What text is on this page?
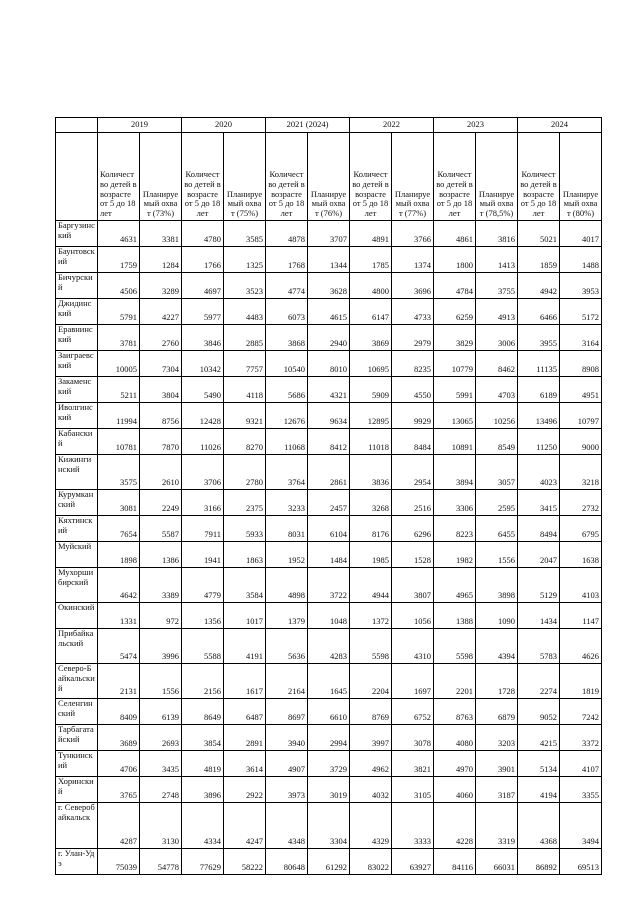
	2019		2020		2021 (2024)		2022		2023		2024	
	Количество детей в возрасте от 5 до 18 лет	Планируемый охват (73%)	Количество детей в возрасте от 5 до 18 лет	Планируемый охват (75%)	Количество детей в возрасте от 5 до 18 лет	Планируемый охват (76%)	Количество детей в возрасте от 5 до 18 лет	Планируемый охват (77%)	Количество детей в возрасте от 5 до 18 лет	Планируемый охват (78,5%)	Количество детей в возрасте от 5 до 18 лет	Планируемый охват (80%)
Баргузинский	4631	3381	4780	3585	4878	3707	4891	3766	4861	3816	5021	4017
Баунтовский	1759	1284	1766	1325	1768	1344	1785	1374	1800	1413	1859	1488
Бичурский	4506	3289	4697	3523	4774	3628	4800	3696	4784	3755	4942	3953
Джидинский	5791	4227	5977	4483	6073	4615	6147	4733	6259	4913	6466	5172
Еравнинский	3781	2760	3846	2885	3868	2940	3869	2979	3829	3006	3955	3164
Заиграевский	10005	7304	10342	7757	10540	8010	10695	8235	10779	8462	11135	8908
Закаменский	5211	3804	5490	4118	5686	4321	5909	4550	5991	4703	6189	4951
Иволгинский	11994	8756	12428	9321	12676	9634	12895	9929	13065	10256	13496	10797
Кабанский	10781	7870	11026	8270	11068	8412	11018	8484	10891	8549	11250	9000
Кижингинский	3575	2610	3706	2780	3764	2861	3836	2954	3894	3057	4023	3218
Курумканский	3081	2249	3166	2375	3233	2457	3268	2516	3306	2595	3415	2732
Кяхтинский	7654	5587	7911	5933	8031	6104	8176	6296	8223	6455	8494	6795
Муйский	1898	1386	1941	1863	1952	1484	1985	1528	1982	1556	2047	1638
Мухоршибирский	4642	3389	4779	3584	4898	3722	4944	3807	4965	3898	5129	4103
Окинский	1331	972	1356	1017	1379	1048	1372	1056	1388	1090	1434	1147
Прибайкальский	5474	3996	5588	4191	5636	4283	5598	4310	5598	4394	5783	4626
Северо-Байкальский	2131	1556	2156	1617	2164	1645	2204	1697	2201	1728	2274	1819
Селенгинский	8409	6139	8649	6487	8697	6610	8769	6752	8763	6879	9052	7242
Тарбагатайский	3689	2693	3854	2891	3940	2994	3997	3078	4080	3203	4215	3372
Тункинский	4706	3435	4819	3614	4907	3729	4962	3821	4970	3901	5134	4107
Хоринский	3765	2748	3896	2922	3973	3019	4032	3105	4060	3187	4194	3355
г. Северобайкальск	4287	3130	4334	4247	4348	3304	4329	3333	4228	3319	4368	3494
г. Улан-Удэ	75039	54778	77629	58222	80648	61292	83022	63927	84116	66031	86892	69513
